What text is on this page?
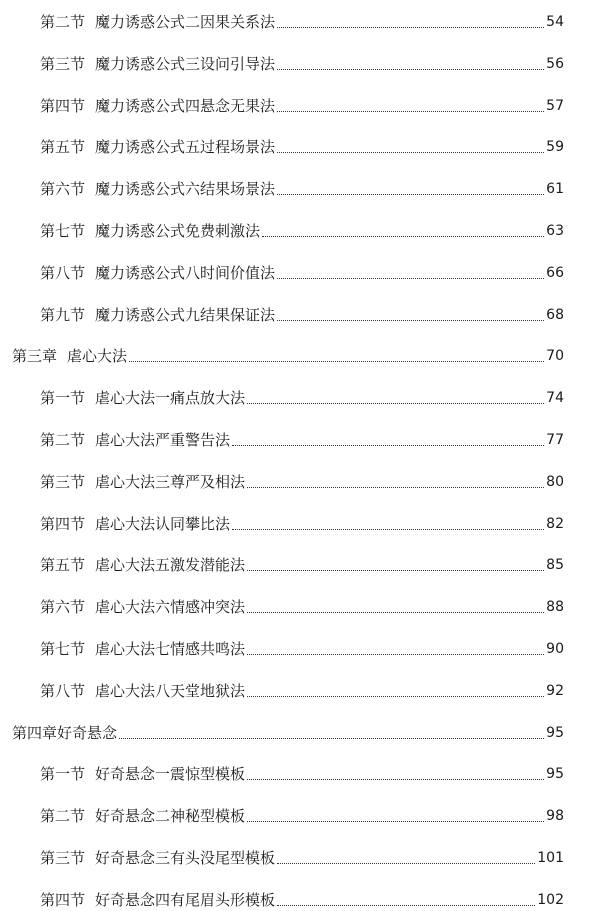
第二节 魔力诱惑公式二因果关系法	54
第三节 魔力诱惑公式三设问引导法	56
第四节 魔力诱惑公式四悬念无果法	57
第五节 魔力诱惑公式五过程场景法	59
第六节 魔力诱惑公式六结果场景法	61
第七节 魔力诱惑公式免费刺激法	63
第八节 魔力诱惑公式八时间价值法	66
第九节 魔力诱惑公式九结果保证法	68
第三章 虐心大法	70
第一节 虐心大法一痛点放大法	74
第二节 虐心大法严重警告法	77
第三节 虐心大法三尊严及相法	80
第四节 虐心大法认同攀比法	82
第五节 虐心大法五激发潜能法	85
第六节 虐心大法六情感冲突法	88
第七节 虐心大法七情感共鸣法	90
第八节 虐心大法八天堂地狱法	92
第四章好奇悬念	95
第一节 好奇悬念一震惊型模板	95
第二节 好奇悬念二神秘型模板	98
第三节 好奇悬念三有头没尾型模板	101
第四节 好奇悬念四有尾眉头形模板	102
